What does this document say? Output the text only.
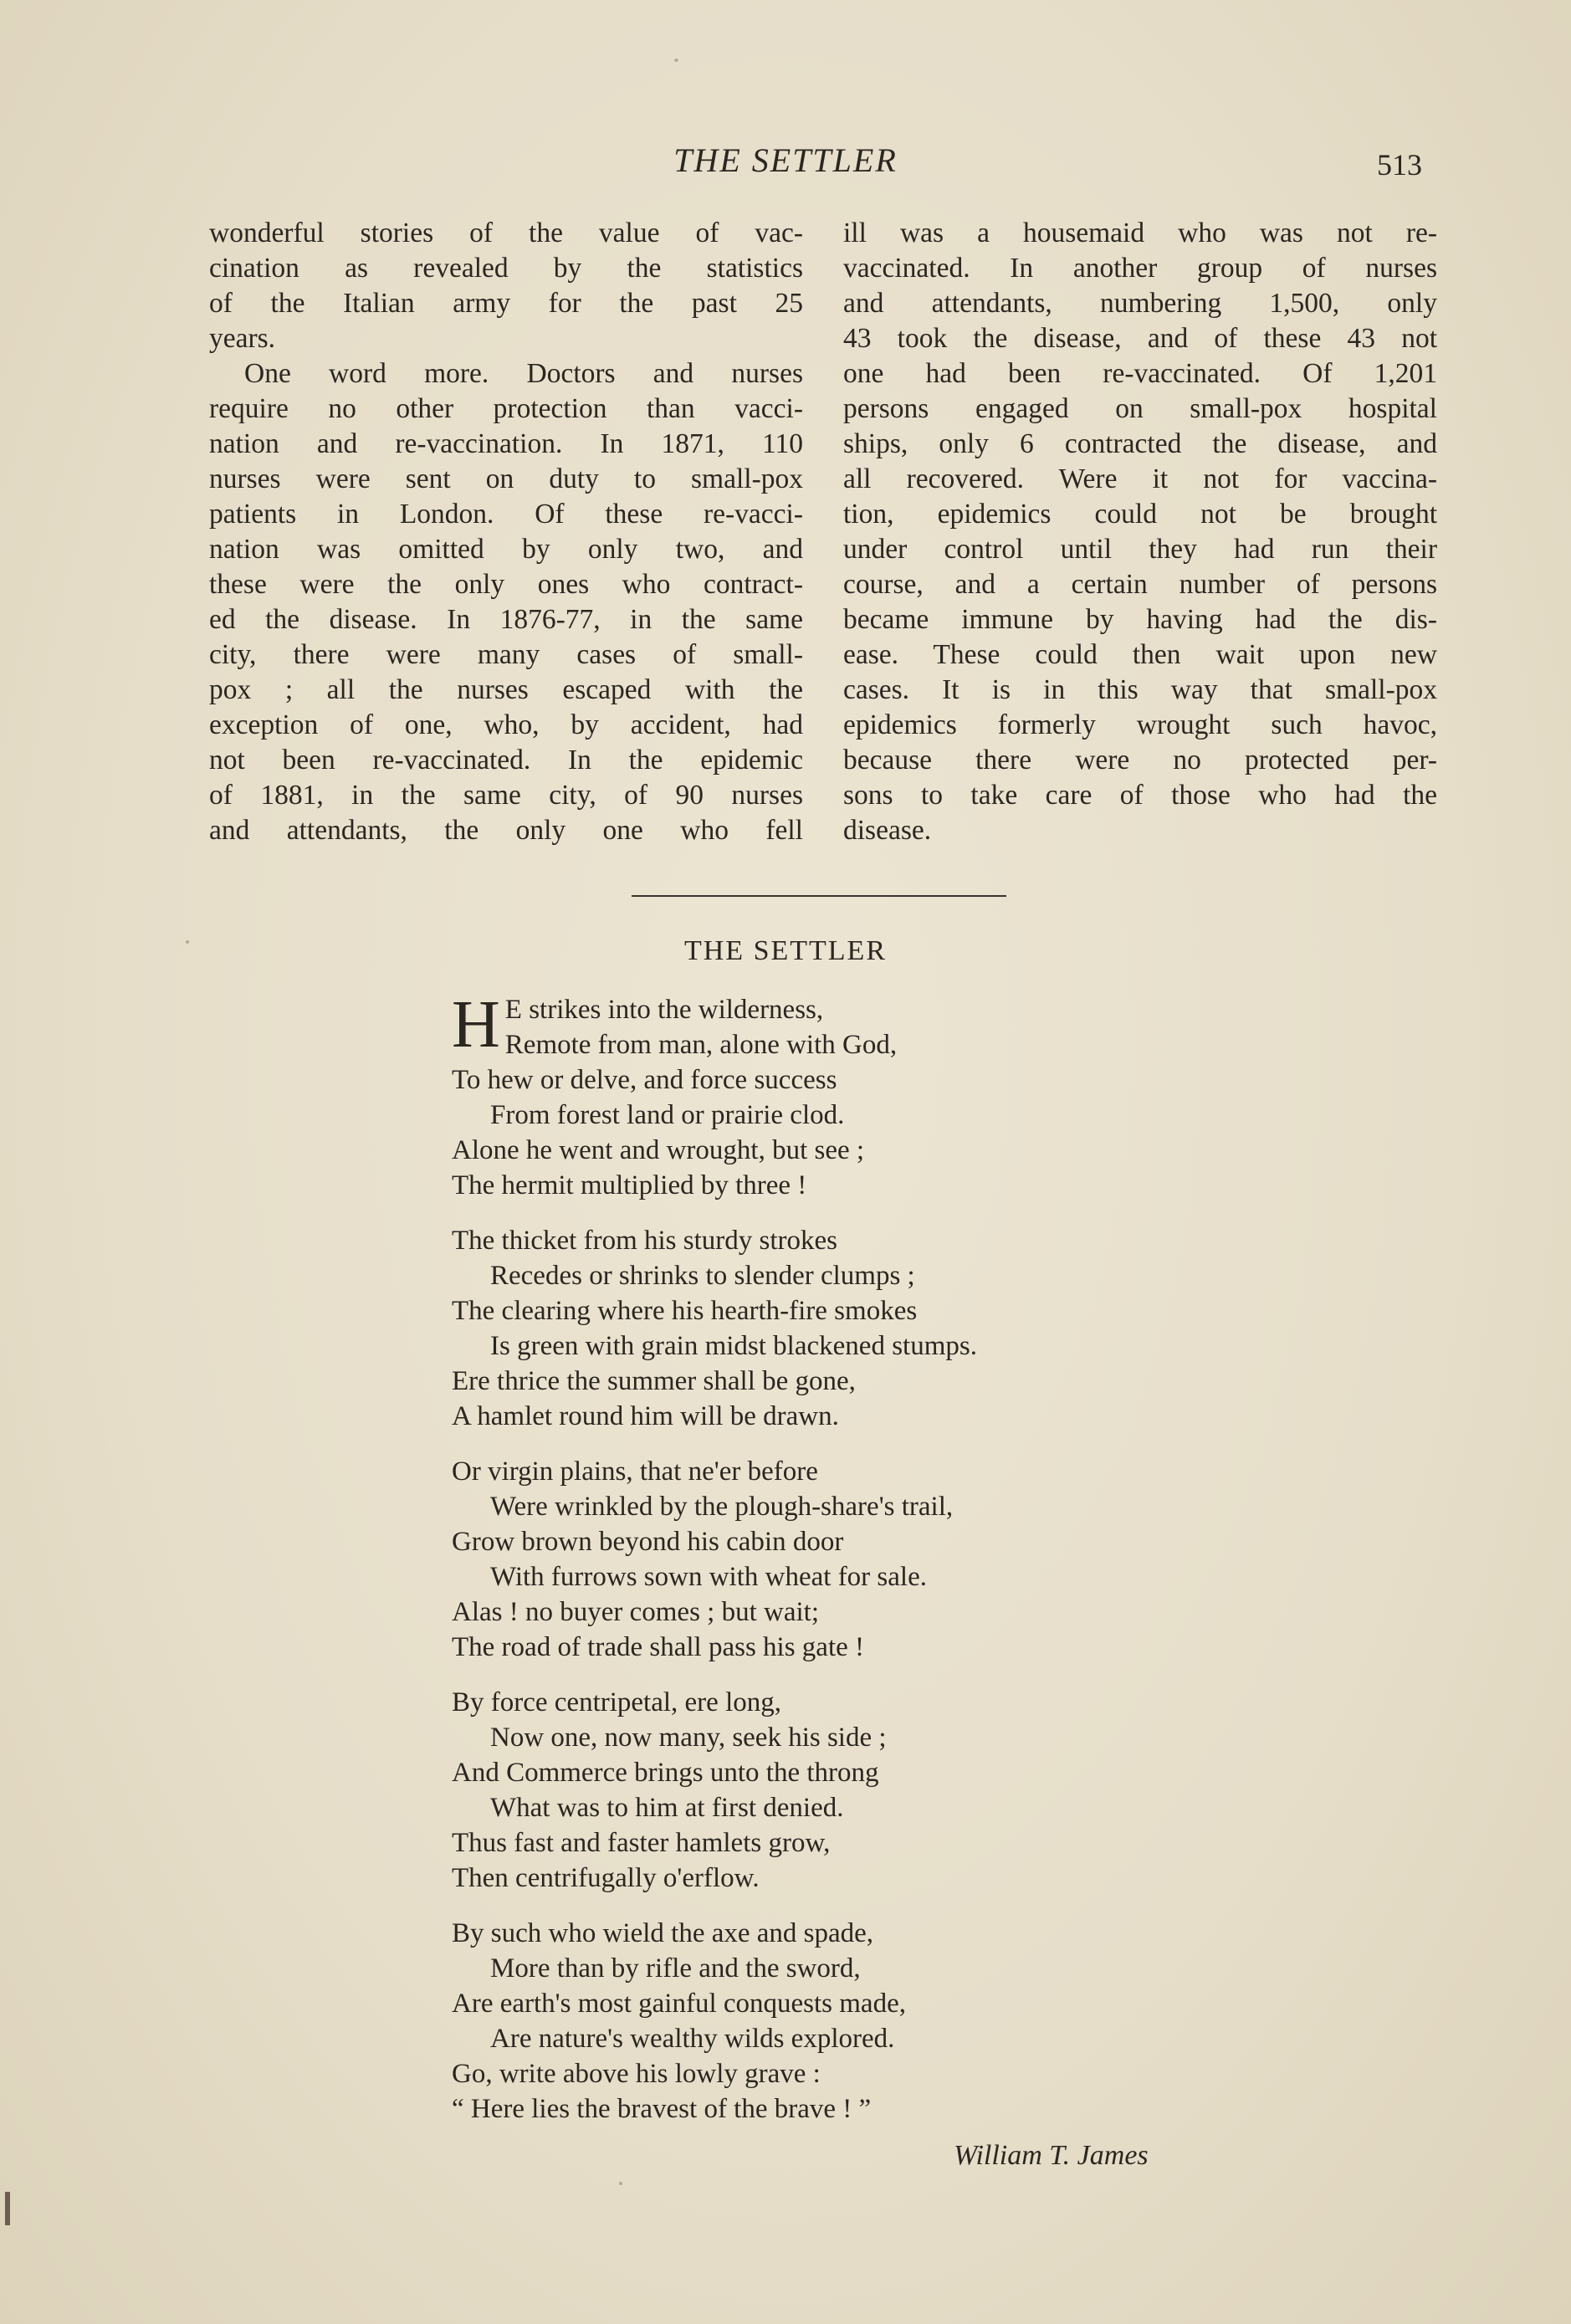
THE SETTLER	513
wonderful stories of the value of vac-
cination as revealed by the statistics
of the Italian army for the past 25
years.
One word more. Doctors and nurses
require no other protection than vacci-
nation and re-vaccination. In 1871, 110
nurses were sent on duty to small-pox
patients in London. Of these re-vacci-
nation was omitted by only two, and
these were the only ones who contract-
ed the disease. In 1876-77, in the same
city, there were many cases of small-
pox ; all the nurses escaped with the
exception of one, who, by accident, had
not been re-vaccinated. In the epidemic
of 1881, in the same city, of 90 nurses
and attendants, the only one who fell
ill was a housemaid who was not re-
vaccinated. In another group of nurses
and attendants, numbering 1,500, only
43 took the disease, and of these 43 not
one had been re-vaccinated. Of 1,201
persons engaged on small-pox hospital
ships, only 6 contracted the disease, and
all recovered. Were it not for vaccina-
tion, epidemics could not be brought
under control until they had run their
course, and a certain number of persons
became immune by having had the dis-
ease. These could then wait upon new
cases. It is in this way that small-pox
epidemics formerly wrought such havoc,
because there were no protected per-
sons to take care of those who had the
disease.
THE SETTLER
H E strikes into the wilderness,
Remote from man, alone with God,
To hew or delve, and force success
From forest land or prairie clod.
Alone he went and wrought, but see ;
The hermit multiplied by three !
The thicket from his sturdy strokes
Recedes or shrinks to slender clumps ;
The clearing where his hearth-fire smokes
Is green with grain midst blackened stumps.
Ere thrice the summer shall be gone,
A hamlet round him will be drawn.
Or virgin plains, that ne'er before
Were wrinkled by the plough-share's trail,
Grow brown beyond his cabin door
With furrows sown with wheat for sale.
Alas ! no buyer comes ; but wait;
The road of trade shall pass his gate !
By force centripetal, ere long,
Now one, now many, seek his side ;
And Commerce brings unto the throng
What was to him at first denied.
Thus fast and faster hamlets grow,
Then centrifugally o'erflow.
By such who wield the axe and spade,
More than by rifle and the sword,
Are earth's most gainful conquests made,
Are nature's wealthy wilds explored.
Go, write above his lowly grave :
“ Here lies the bravest of the brave ! ”
William T. James
